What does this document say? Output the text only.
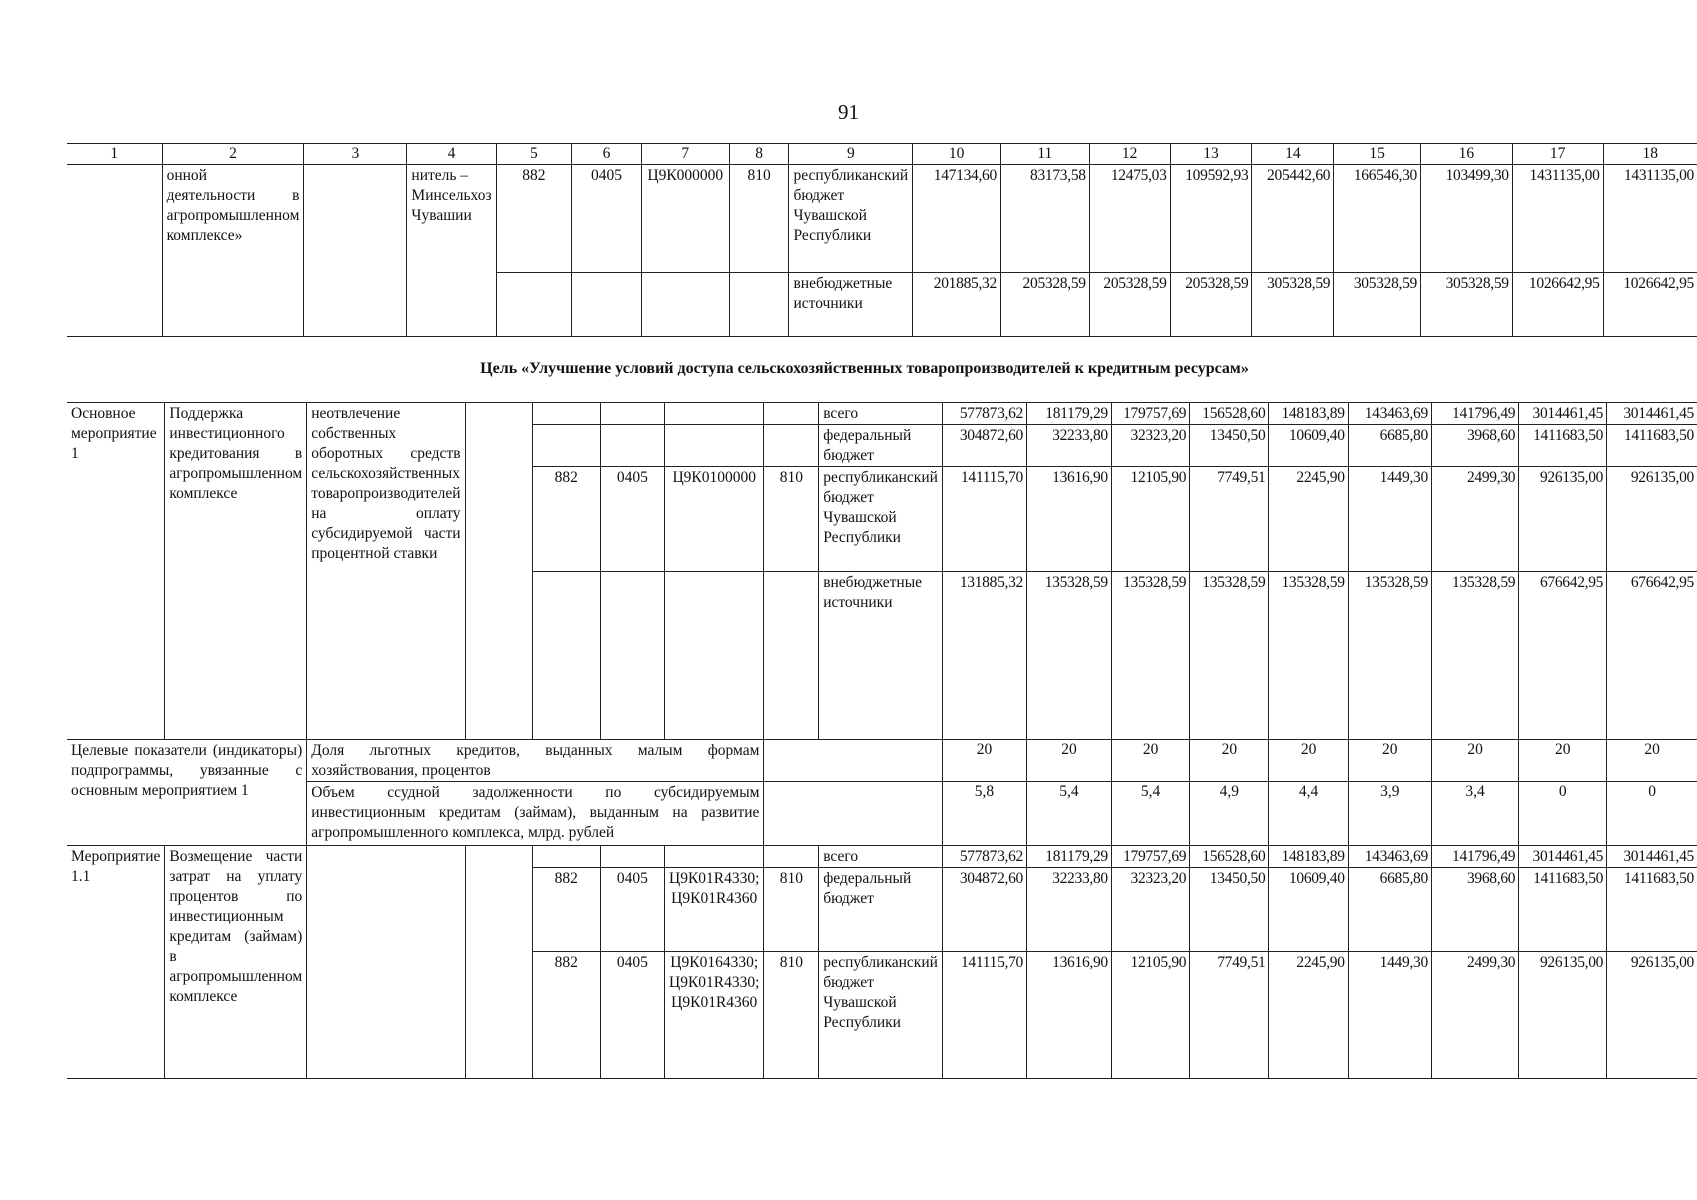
91
1	2	3	4	5	6	7	8	9	10	11	12	13	14	15	16	17	18
	онной деятельности в агропромышленном комплексе»		нитель – Минсельхоз Чувашии	882	0405	Ц9К000000	810	республиканский бюджет Чувашской Республики	147134,60	83173,58	12475,03	109592,93	205442,60	166546,30	103499,30	1431135,00	1431135,00
								внебюджетные источники	201885,32	205328,59	205328,59	205328,59	305328,59	305328,59	305328,59	1026642,95	1026642,95
Цель «Улучшение условий доступа сельскохозяйственных товаропроизводителей к кредитным ресурсам»
Основное мероприятие 1	Поддержка инвестиционного кредитования в агропромышленном комплексе	неотвлечение собственных оборотных средств сельскохозяйственных товаропроизводителей на оплату субсидируемой части процентной ставки						всего	577873,62	181179,29	179757,69	156528,60	148183,89	143463,69	141796,49	3014461,45	3014461,45
								федеральный бюджет	304872,60	32233,80	32323,20	13450,50	10609,40	6685,80	3968,60	1411683,50	1411683,50
				882	0405	Ц9К0100000	810	республиканский бюджет Чувашской Республики	141115,70	13616,90	12105,90	7749,51	2245,90	1449,30	2499,30	926135,00	926135,00
								внебюджетные источники	131885,32	135328,59	135328,59	135328,59	135328,59	135328,59	135328,59	676642,95	676642,95
Целевые показатели (индикаторы) подпрограммы, увязанные с основным мероприятием 1		Доля льготных кредитов, выданных малым формам хозяйствования, процентов							20	20	20	20	20	20	20	20	20
		Объем ссудной задолженности по субсидируемым инвестиционным кредитам (займам), выданным на развитие агропромышленного комплекса, млрд. рублей							5,8	5,4	5,4	4,9	4,4	3,9	3,4	0	0
Мероприятие 1.1	Возмещение части затрат на уплату процентов по инвестиционным кредитам (займам) в агропромышленном комплексе							всего	577873,62	181179,29	179757,69	156528,60	148183,89	143463,69	141796,49	3014461,45	3014461,45
				882	0405	Ц9К01R4330; Ц9К01R4360	810	федеральный бюджет	304872,60	32233,80	32323,20	13450,50	10609,40	6685,80	3968,60	1411683,50	1411683,50
				882	0405	Ц9К0164330; Ц9К01R4330; Ц9К01R4360	810	республиканский бюджет Чувашской Республики	141115,70	13616,90	12105,90	7749,51	2245,90	1449,30	2499,30	926135,00	926135,00
